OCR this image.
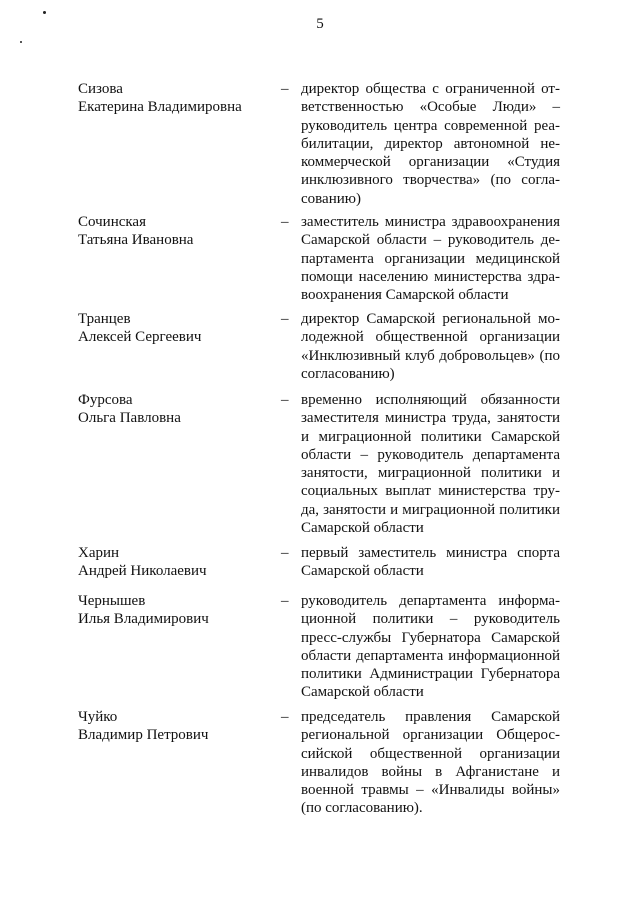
5
Сизова
Екатерина Владимировна
– директор общества с ограниченной от-
ветственностью «Особые Люди» –
руководитель центра современной реа-
билитации, директор автономной не-
коммерческой организации «Студия
инклюзивного творчества» (по согла-
сованию)
Сочинская
Татьяна Ивановна
– заместитель министра здравоохранения
Самарской области – руководитель де-
партамента организации медицинской
помощи населению министерства здра-
воохранения Самарской области
Транцев
Алексей Сергеевич
– директор Самарской региональной мо-
лодежной общественной организации
«Инклюзивный клуб добровольцев» (по
согласованию)
Фурсова
Ольга Павловна
– временно исполняющий обязанности
заместителя министра труда, занятости
и миграционной политики Самарской
области – руководитель департамента
занятости, миграционной политики и
социальных выплат министерства тру-
да, занятости и миграционной политики
Самарской области
Харин
Андрей Николаевич
– первый заместитель министра спорта
Самарской области
Чернышев
Илья Владимирович
– руководитель департамента информа-
ционной политики – руководитель
пресс-службы Губернатора Самарской
области департамента информационной
политики Администрации Губернатора
Самарской области
Чуйко
Владимир Петрович
– председатель правления Самарской
региональной организации Общерос-
сийской общественной организации
инвалидов войны в Афганистане и
военной травмы – «Инвалиды войны»
(по согласованию).
